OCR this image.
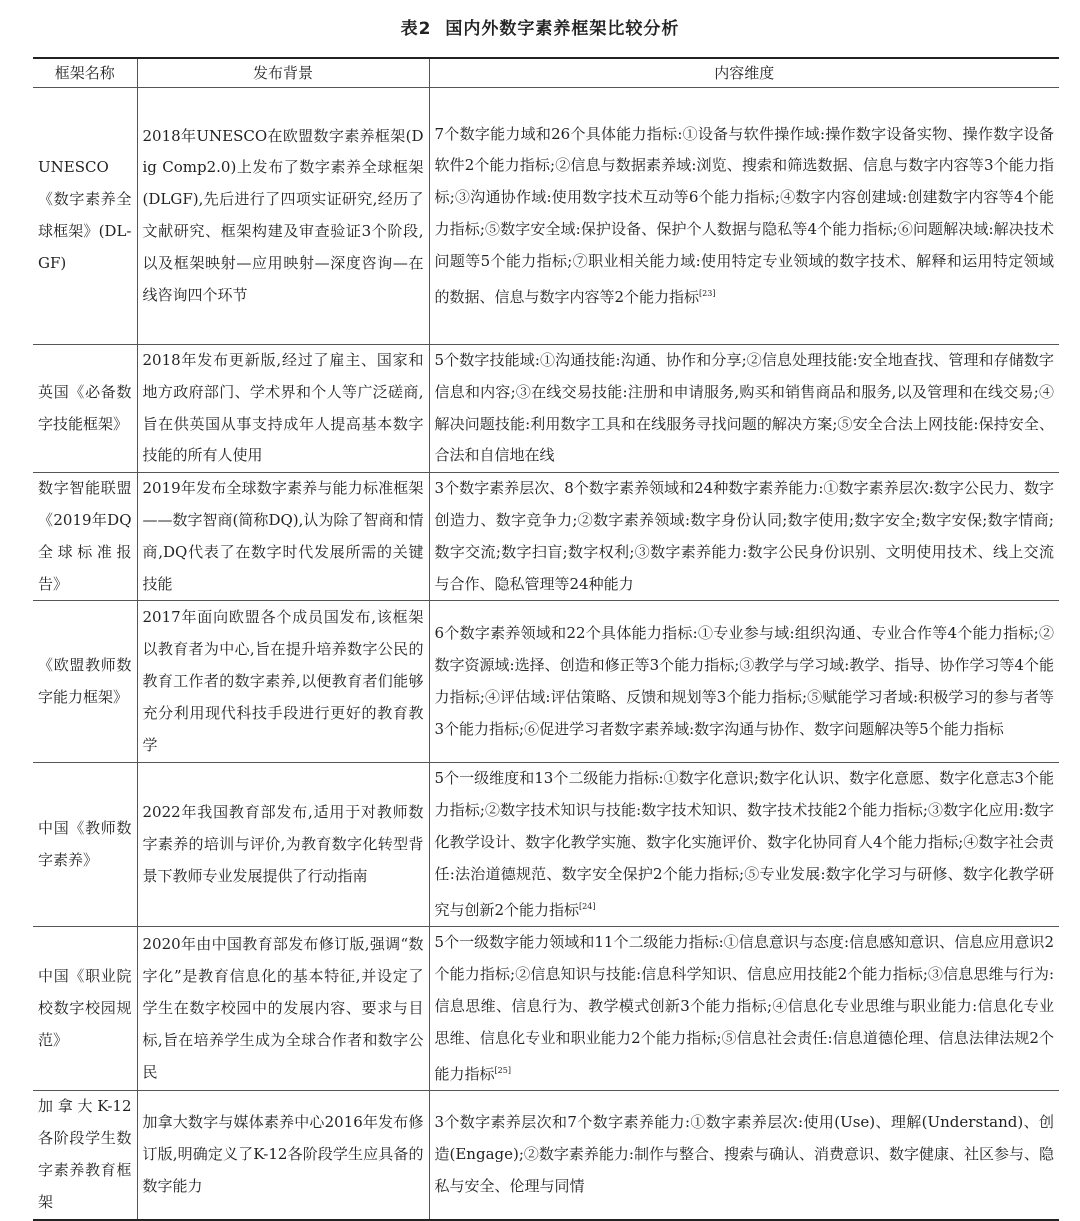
表2 国内外数字素养框架比较分析
框架名称	发布背景	内容维度
UNESCO《数字素养全球框架》(DL-GF)	2018年UNESCO在欧盟数字素养框架(Dig Comp2.0)上发布了数字素养全球框架(DLGF),先后进行了四项实证研究,经历了文献研究、框架构建及审查验证3个阶段,以及框架映射—应用映射—深度咨询—在线咨询四个环节	7个数字能力域和26个具体能力指标:①设备与软件操作域:操作数字设备实物、操作数字设备软件2个能力指标;②信息与数据素养域:浏览、搜索和筛选数据、信息与数字内容等3个能力指标;③沟通协作域:使用数字技术互动等6个能力指标;④数字内容创建域:创建数字内容等4个能力指标;⑤数字安全域:保护设备、保护个人数据与隐私等4个能力指标;⑥问题解决域:解决技术问题等5个能力指标;⑦职业相关能力域:使用特定专业领域的数字技术、解释和运用特定领域的数据、信息与数字内容等2个能力指标[23]
英国《必备数字技能框架》	2018年发布更新版,经过了雇主、国家和地方政府部门、学术界和个人等广泛磋商,旨在供英国从事支持成年人提高基本数字技能的所有人使用	5个数字技能域:①沟通技能:沟通、协作和分享;②信息处理技能:安全地查找、管理和存储数字信息和内容;③在线交易技能:注册和申请服务,购买和销售商品和服务,以及管理和在线交易;④解决问题技能:利用数字工具和在线服务寻找问题的解决方案;⑤安全合法上网技能:保持安全、合法和自信地在线
数字智能联盟《2019年DQ全球标准报告》	2019年发布全球数字素养与能力标准框架——数字智商(简称DQ),认为除了智商和情商,DQ代表了在数字时代发展所需的关键技能	3个数字素养层次、8个数字素养领域和24种数字素养能力:①数字素养层次:数字公民力、数字创造力、数字竞争力;②数字素养领域:数字身份认同;数字使用;数字安全;数字安保;数字情商;数字交流;数字扫盲;数字权利;③数字素养能力:数字公民身份识别、文明使用技术、线上交流与合作、隐私管理等24种能力
《欧盟教师数字能力框架》	2017年面向欧盟各个成员国发布,该框架以教育者为中心,旨在提升培养数字公民的教育工作者的数字素养,以便教育者们能够充分利用现代科技手段进行更好的教育教学	6个数字素养领域和22个具体能力指标:①专业参与域:组织沟通、专业合作等4个能力指标;②数字资源域:选择、创造和修正等3个能力指标;③教学与学习域:教学、指导、协作学习等4个能力指标;④评估域:评估策略、反馈和规划等3个能力指标;⑤赋能学习者域:积极学习的参与者等3个能力指标;⑥促进学习者数字素养域:数字沟通与协作、数字问题解决等5个能力指标
中国《教师数字素养》	2022年我国教育部发布,适用于对教师数字素养的培训与评价,为教育数字化转型背景下教师专业发展提供了行动指南	5个一级维度和13个二级能力指标:①数字化意识;数字化认识、数字化意愿、数字化意志3个能力指标;②数字技术知识与技能:数字技术知识、数字技术技能2个能力指标;③数字化应用:数字化教学设计、数字化教学实施、数字化实施评价、数字化协同育人4个能力指标;④数字社会责任:法治道德规范、数字安全保护2个能力指标;⑤专业发展:数字化学习与研修、数字化教学研究与创新2个能力指标[24]
中国《职业院校数字校园规范》	2020年由中国教育部发布修订版,强调“数字化”是教育信息化的基本特征,并设定了学生在数字校园中的发展内容、要求与目标,旨在培养学生成为全球合作者和数字公民	5个一级数字能力领域和11个二级能力指标:①信息意识与态度:信息感知意识、信息应用意识2个能力指标;②信息知识与技能:信息科学知识、信息应用技能2个能力指标;③信息思维与行为:信息思维、信息行为、教学模式创新3个能力指标;④信息化专业思维与职业能力:信息化专业思维、信息化专业和职业能力2个能力指标;⑤信息社会责任:信息道德伦理、信息法律法规2个能力指标[25]
加拿大K-12各阶段学生数字素养教育框架	加拿大数字与媒体素养中心2016年发布修订版,明确定义了K-12各阶段学生应具备的数字能力	3个数字素养层次和7个数字素养能力:①数字素养层次:使用(Use)、理解(Understand)、创造(Engage);②数字素养能力:制作与整合、搜索与确认、消费意识、数字健康、社区参与、隐私与安全、伦理与同情
